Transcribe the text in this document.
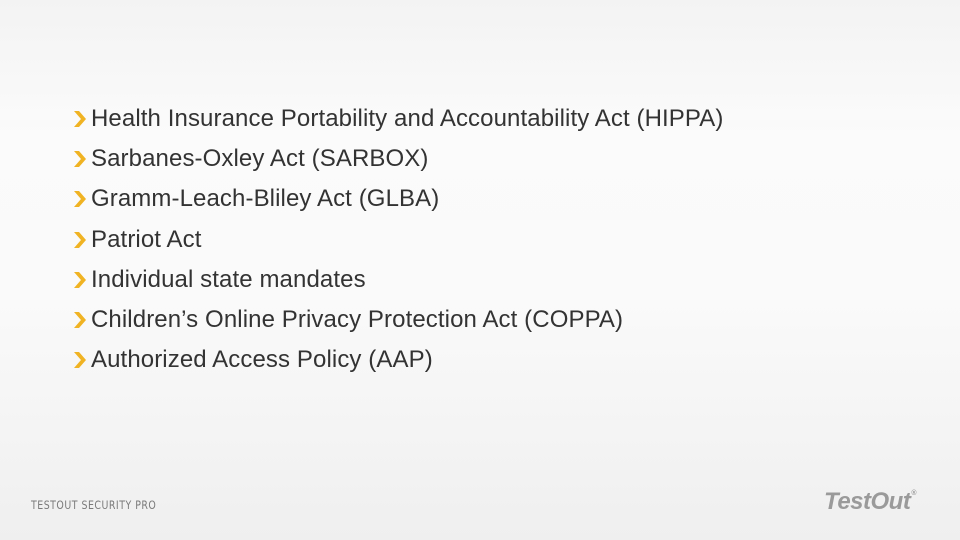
Health Insurance Portability and Accountability Act (HIPPA)
Sarbanes-Oxley Act (SARBOX)
Gramm-Leach-Bliley Act (GLBA)
Patriot Act
Individual state mandates
Children’s Online Privacy Protection Act (COPPA)
Authorized Access Policy (AAP)
TESTOUT SECURITY PRO	TestOut®
